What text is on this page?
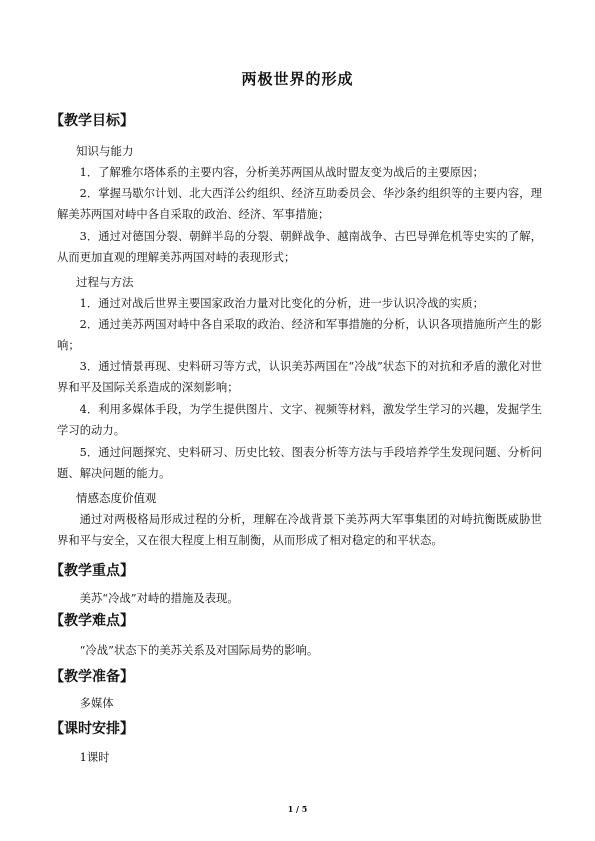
两极世界的形成
【教学目标】
知识与能力
1．了解雅尔塔体系的主要内容，分析美苏两国从战时盟友变为战后的主要原因；
2．掌握马歇尔计划、北大西洋公约组织、经济互助委员会、华沙条约组织等的主要内容，理解美苏两国对峙中各自采取的政治、经济、军事措施；
3．通过对德国分裂、朝鲜半岛的分裂、朝鲜战争、越南战争、古巴导弹危机等史实的了解，从而更加直观的理解美苏两国对峙的表现形式；
过程与方法
1．通过对战后世界主要国家政治力量对比变化的分析，进一步认识冷战的实质；
2．通过美苏两国对峙中各自采取的政治、经济和军事措施的分析，认识各项措施所产生的影响；
3．通过情景再现、史料研习等方式，认识美苏两国在“冷战”状态下的对抗和矛盾的激化对世界和平及国际关系造成的深刻影响；
4．利用多媒体手段，为学生提供图片、文字、视频等材料，激发学生学习的兴趣，发掘学生学习的动力。
5．通过问题探究、史料研习、历史比较、图表分析等方法与手段培养学生发现问题、分析问题、解决问题的能力。
情感态度价值观
通过对两极格局形成过程的分析，理解在冷战背景下美苏两大军事集团的对峙抗衡既威胁世界和平与安全，又在很大程度上相互制衡，从而形成了相对稳定的和平状态。
【教学重点】
美苏“冷战”对峙的措施及表现。
【教学难点】
“冷战”状态下的美苏关系及对国际局势的影响。
【教学准备】
多媒体
【课时安排】
1课时
1 / 5
